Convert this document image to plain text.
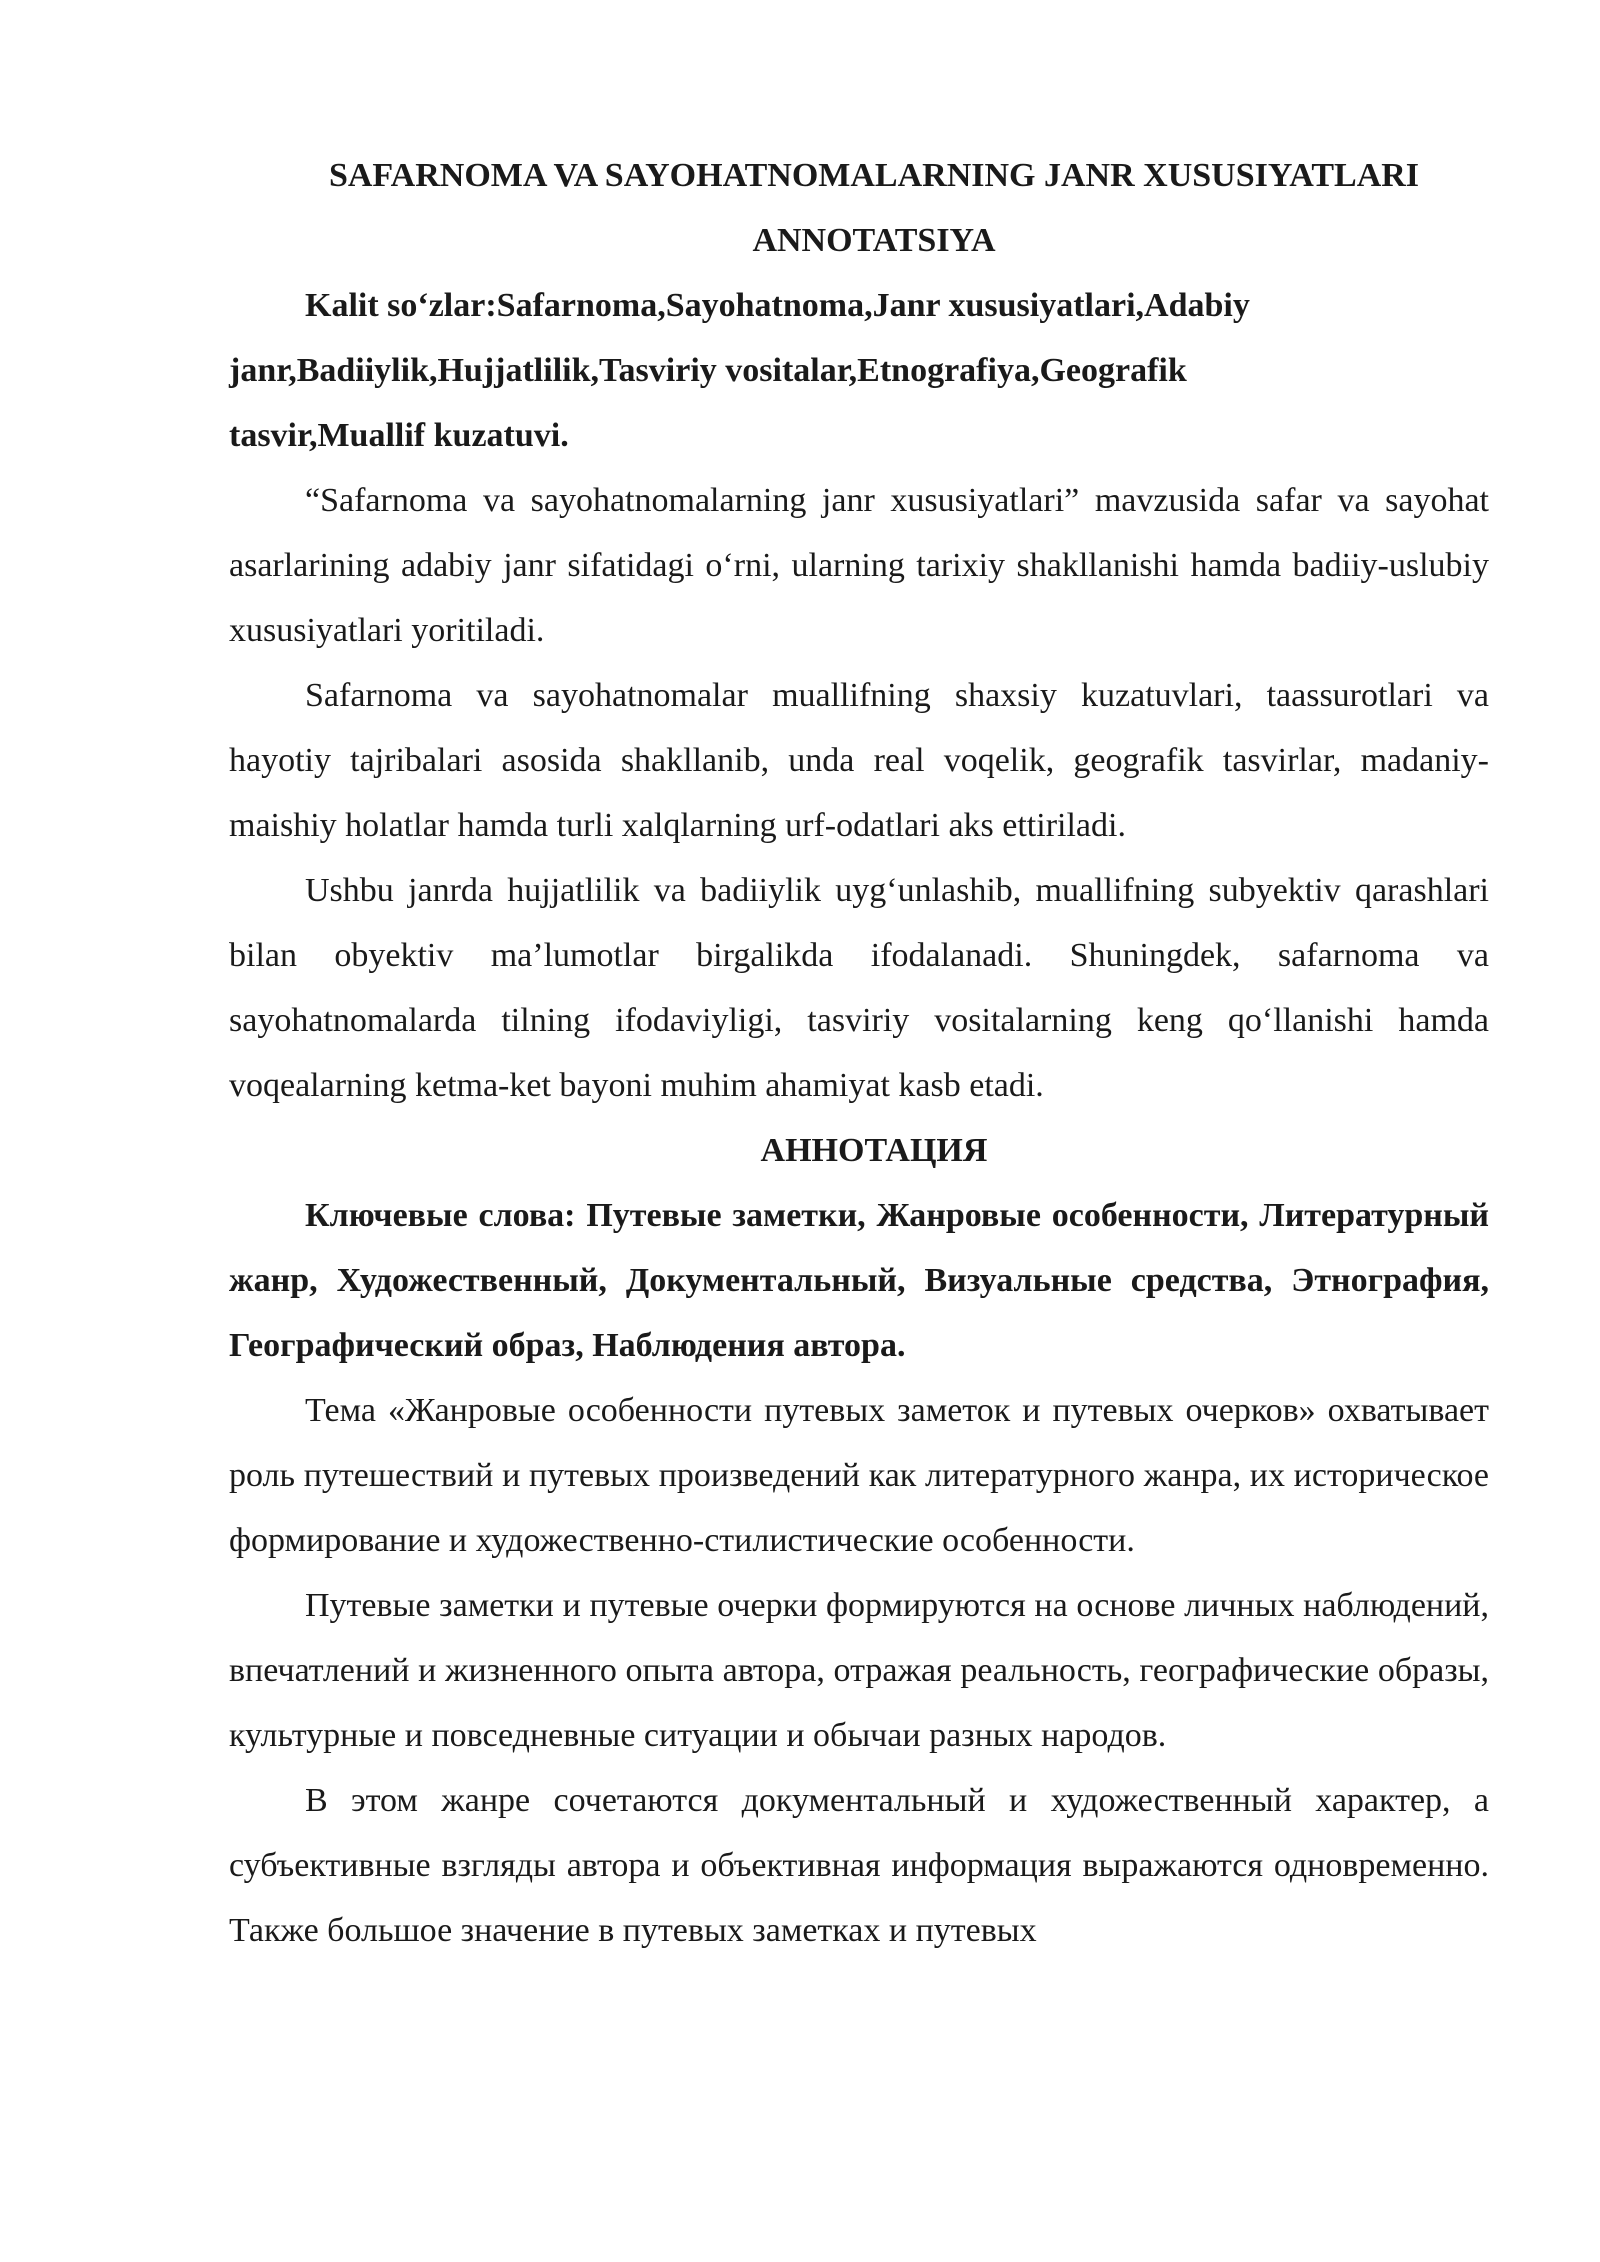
SAFARNOMA VA SAYOHATNOMALARNING JANR XUSUSIYATLARI

ANNOTATSIYA

Kalit so‘zlar:Safarnoma,Sayohatnoma,Janr xususiyatlari,Adabiy janr,Badiiylik,Hujjatlilik,Tasviriy vositalar,Etnografiya,Geografik tasvir,Muallif kuzatuvi.

“Safarnoma va sayohatnomalarning janr xususiyatlari” mavzusida safar va sayohat asarlarining adabiy janr sifatidagi o‘rni, ularning tarixiy shakllanishi hamda badiiy-uslubiy xususiyatlari yoritiladi.

Safarnoma va sayohatnomalar muallifning shaxsiy kuzatuvlari, taassurotlari va hayotiy tajribalari asosida shakllanib, unda real voqelik, geografik tasvirlar, madaniy-maishiy holatlar hamda turli xalqlarning urf-odatlari aks ettiriladi.

Ushbu janrda hujjatlilik va badiiylik uyg‘unlashib, muallifning subyektiv qarashlari bilan obyektiv ma’lumotlar birgalikda ifodalanadi. Shuningdek, safarnoma va sayohatnomalarda tilning ifodaviyligi, tasviriy vositalarning keng qo‘llanishi hamda voqealarning ketma-ket bayoni muhim ahamiyat kasb etadi.

АННОТАЦИЯ

Ключевые слова: Путевые заметки, Жанровые особенности, Литературный жанр, Художественный, Документальный, Визуальные средства, Этнография, Географический образ, Наблюдения автора.

Тема «Жанровые особенности путевых заметок и путевых очерков» охватывает роль путешествий и путевых произведений как литературного жанра, их историческое формирование и художественно-стилистические особенности.

Путевые заметки и путевые очерки формируются на основе личных наблюдений, впечатлений и жизненного опыта автора, отражая реальность, географические образы, культурные и повседневные ситуации и обычаи разных народов.

В этом жанре сочетаются документальный и художественный характер, а субъективные взгляды автора и объективная информация выражаются одновременно. Также большое значение в путевых заметках и путевых
